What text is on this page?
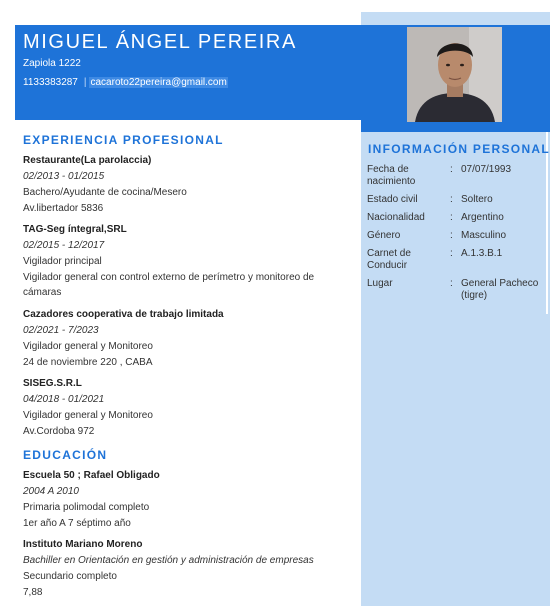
INFORMACIÓN PERSONAL
Fecha de nacimiento
: 07/07/1993
Estado civil	: Soltero
Nacionalidad	: Argentino
Género	: Masculino
Carnet de Conducir
: A.1.3.B.1
Lugar	: General Pacheco (tigre)
MIGUEL ÁNGEL PEREIRA
Zapiola 1222
1133383287 | cacaroto22pereira@gmail.com
EXPERIENCIA PROFESIONAL
Restaurante(La parolaccia)
02/2013 - 01/2015
Bachero/Ayudante de cocina/Mesero
Av.libertador 5836
TAG-Seg íntegral,SRL
02/2015 - 12/2017
Vigilador principal
Vigilador general con control externo de perímetro y monitoreo de cámaras
Cazadores cooperativa de trabajo limitada
02/2021 - 7/2023
Vigilador general y Monitoreo
24 de noviembre 220 , CABA
SISEG.S.R.L
04/2018 - 01/2021
Vigilador general y Monitoreo
Av.Cordoba 972
EDUCACIÓN
Escuela 50 ; Rafael Obligado
2004 A 2010
Primaria polimodal completo
1er año A 7 séptimo año
Instituto Mariano Moreno
Bachiller en Orientación en gestión y administración de empresas
Secundario completo
7,88
